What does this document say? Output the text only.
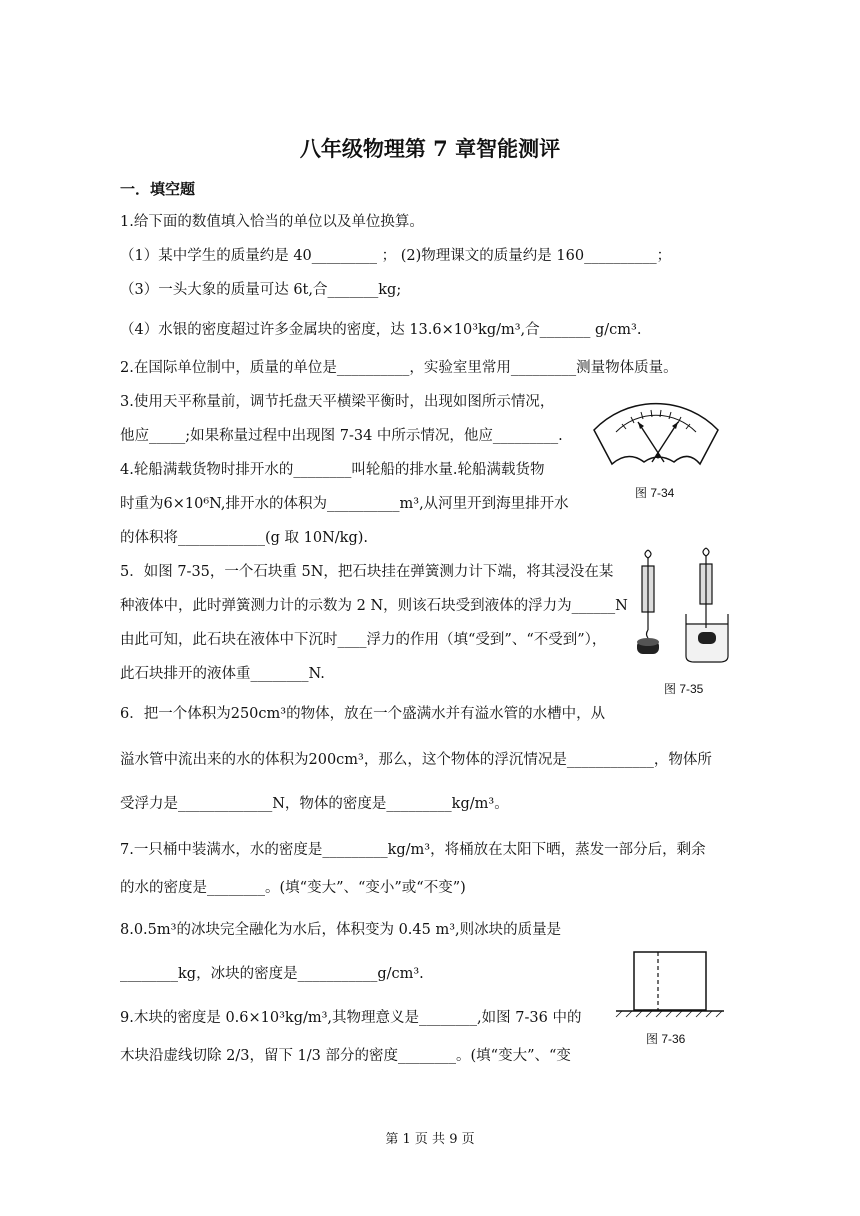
八年级物理第 7 章智能测评
一．填空题
1.给下面的数值填入恰当的单位以及单位换算。
（1）某中学生的质量约是 40_________ ； (2)物理课文的质量约是 160__________；
（3）一头大象的质量可达 6t,合_______kg;
（4）水银的密度超过许多金属块的密度，达 13.6×10³kg/m³,合_______ g/cm³.
2.在国际单位制中，质量的单位是__________，实验室里常用_________测量物体质量。
3.使用天平称量前，调节托盘天平横梁平衡时，出现如图所示情况，
他应_____;如果称量过程中出现图 7-34 中所示情况，他应_________.
4.轮船满载货物时排开水的________叫轮船的排水量.轮船满载货物
时重为6×10⁶N,排开水的体积为__________m³,从河里开到海里排开水
的体积将____________(g 取 10N/kg).
5．如图 7-35，一个石块重 5N，把石块挂在弹簧测力计下端，将其浸没在某
种液体中，此时弹簧测力计的示数为 2 N，则该石块受到液体的浮力为______N
由此可知，此石块在液体中下沉时____浮力的作用（填“受到”、“不受到”），
此石块排开的液体重________N.
6．把一个体积为250cm³的物体，放在一个盛满水并有溢水管的水槽中，从
溢水管中流出来的水的体积为200cm³，那么，这个物体的浮沉情况是____________，物体所
受浮力是_____________N，物体的密度是_________kg/m³。
7.一只桶中装满水，水的密度是_________kg/m³，将桶放在太阳下晒，蒸发一部分后，剩余
的水的密度是________。(填“变大”、“变小”或“不变”)
8.0.5m³的冰块完全融化为水后，体积变为 0.45 m³,则冰块的质量是
________kg，冰块的密度是___________g/cm³.
9.木块的密度是 0.6×10³kg/m³,其物理意义是________,如图 7-36 中的
木块沿虚线切除 2/3，留下 1/3 部分的密度________。(填“变大”、“变
图 7-34
图 7-35
图 7-36
第 1 页 共 9 页
